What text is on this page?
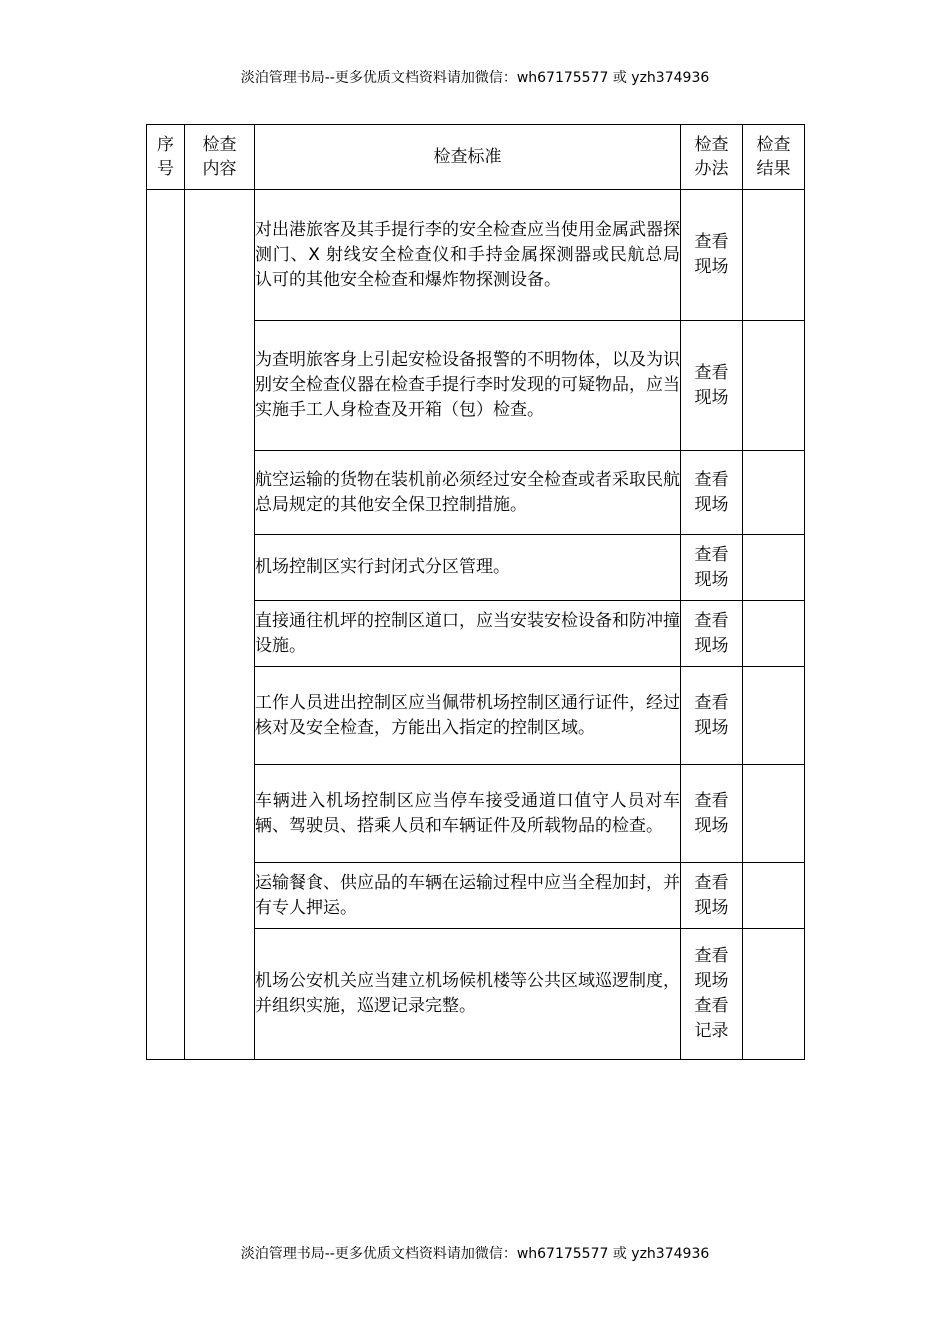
淡泊管理书局--更多优质文档资料请加微信：wh67175577 或 yzh374936
序号	检查内容	检查标准	检查办法	检查结果

		对出港旅客及其手提行李的安全检查应当使用金属武器探测门、X 射线安全检查仪和手持金属探测器或民航总局认可的其他安全检查和爆炸物探测设备。	查看现场	

		为查明旅客身上引起安检设备报警的不明物体，以及为识别安全检查仪器在检查手提行李时发现的可疑物品，应当实施手工人身检查及开箱（包）检查。	查看现场	

		航空运输的货物在装机前必须经过安全检查或者采取民航总局规定的其他安全保卫控制措施。	查看现场	

		机场控制区实行封闭式分区管理。	查看现场	

		直接通往机坪的控制区道口，应当安装安检设备和防冲撞设施。	查看现场	

		工作人员进出控制区应当佩带机场控制区通行证件，经过核对及安全检查，方能出入指定的控制区域。	查看现场	

		车辆进入机场控制区应当停车接受通道口值守人员对车辆、驾驶员、搭乘人员和车辆证件及所载物品的检查。	查看现场	

		运输餐食、供应品的车辆在运输过程中应当全程加封，并有专人押运。	查看现场	

		机场公安机关应当建立机场候机楼等公共区域巡逻制度，并组织实施，巡逻记录完整。	查看现场查看记录	

淡泊管理书局--更多优质文档资料请加微信：wh67175577 或 yzh374936
